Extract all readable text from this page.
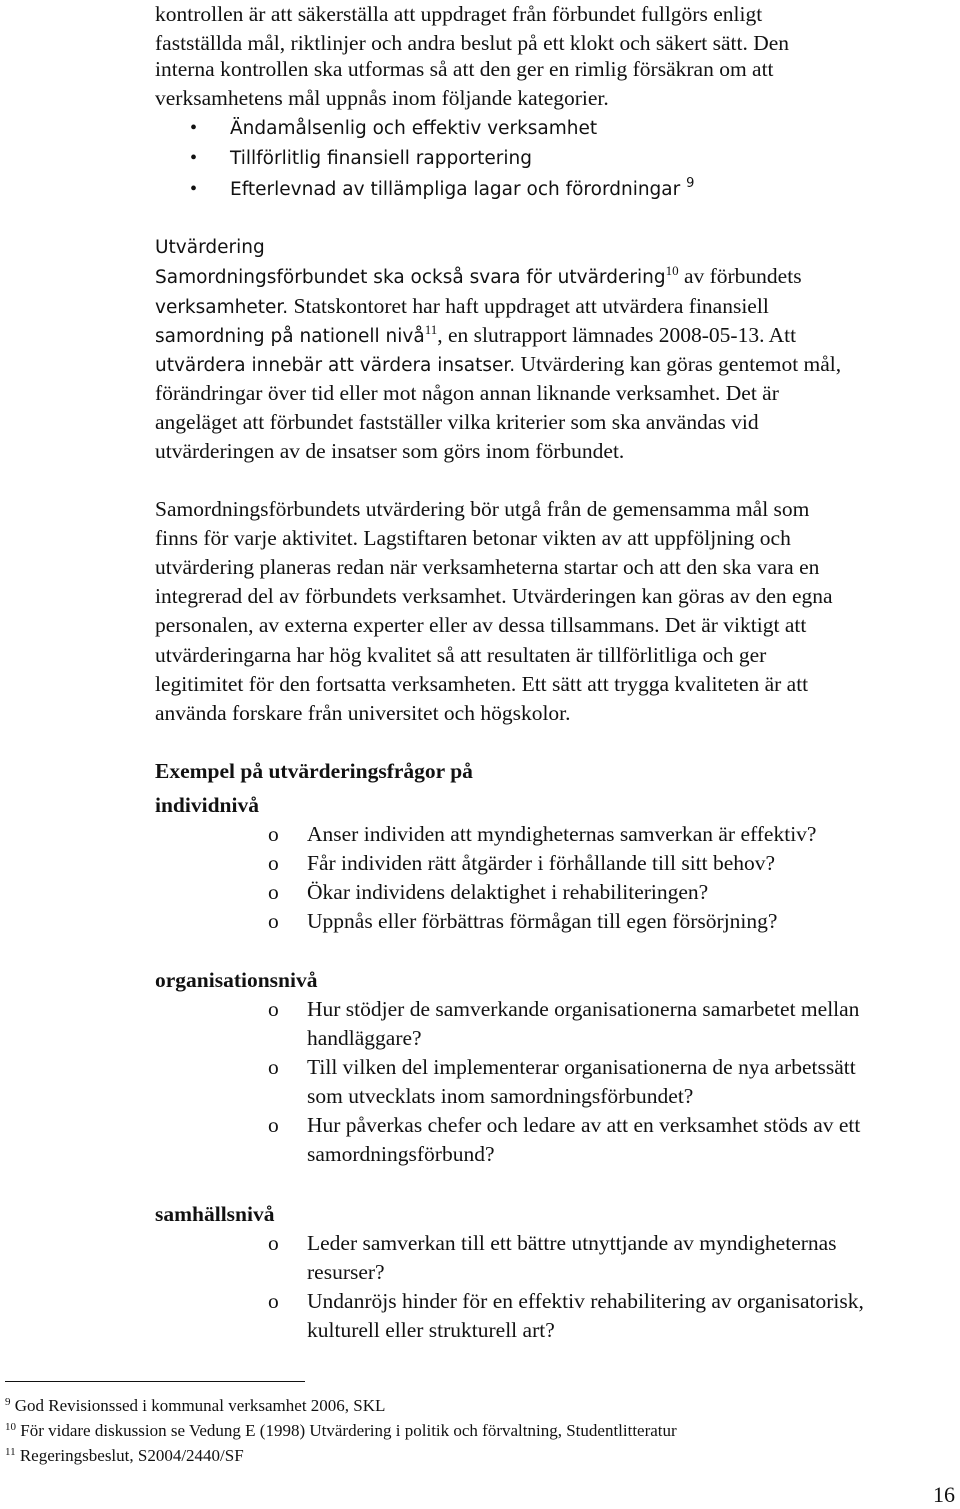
kontrollen är att säkerställa att uppdraget från förbundet fullgörs enligt
fastställda mål, riktlinjer och andra beslut på ett klokt och säkert sätt. Den
interna kontrollen ska utformas så att den ger en rimlig försäkran om att
verksamhetens mål uppnås inom följande kategorier.
• Ändamålsenlig och effektiv verksamhet
• Tillförlitlig finansiell rapportering
• Efterlevnad av tillämpliga lagar och förordningar $^9$
Utvärdering
Samordningsförbundet ska också svara för utvärdering$^{10}$ av förbundets
verksamheter. Statskontoret har haft uppdraget att utvärdera finansiell
samordning på nationell nivå$^{11}$, en slutrapport lämnades 2008-05-13. Att
utvärdera innebär att värdera insatser. Utvärdering kan göras gentemot mål,
förändringar över tid eller mot någon annan liknande verksamhet. Det är
angeläget att förbundet fastställer vilka kriterier som ska användas vid
utvärderingen av de insatser som görs inom förbundet.
Samordningsförbundets utvärdering bör utgå från de gemensamma mål som
finns för varje aktivitet. Lagstiftaren betonar vikten av att uppföljning och
utvärdering planeras redan när verksamheterna startar och att den ska vara en
integrerad del av förbundets verksamhet. Utvärderingen kan göras av den egna
personalen, av externa experter eller av dessa tillsammans. Det är viktigt att
utvärderingarna har hög kvalitet så att resultaten är tillförlitliga och ger
legitimitet för den fortsatta verksamheten. Ett sätt att trygga kvaliteten är att
använda forskare från universitet och högskolor.
Exempel på utvärderingsfrågor på
individnivå
o Anser individen att myndigheternas samverkan är effektiv?
o Får individen rätt åtgärder i förhållande till sitt behov?
o Ökar individens delaktighet i rehabiliteringen?
o Uppnås eller förbättras förmågan till egen försörjning?
organisationsnivå
o Hur stödjer de samverkande organisationerna samarbetet mellan
handläggare?
o Till vilken del implementerar organisationerna de nya arbetssätt
som utvecklats inom samordningsförbundet?
o Hur påverkas chefer och ledare av att en verksamhet stöds av ett
samordningsförbund?
samhällsnivå
o Leder samverkan till ett bättre utnyttjande av myndigheternas
resurser?
o Undanröjs hinder för en effektiv rehabilitering av organisatorisk,
kulturell eller strukturell art?
$^9$ God Revisionssed i kommunal verksamhet 2006, SKL
$^{10}$ För vidare diskussion se Vedung E (1998) Utvärdering i politik och förvaltning, Studentlitteratur
$^{11}$ Regeringsbeslut, S2004/2440/SF
16
